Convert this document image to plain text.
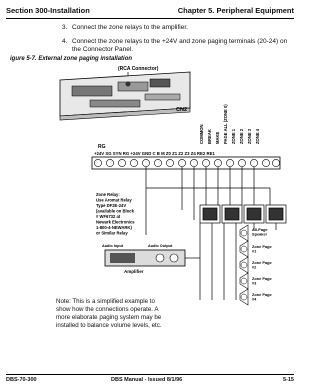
Section 300-Installation	Chapter 5. Peripheral Equipment
3. Connect the zone relays to the amplifier.
4. Connect the zone relays to the +24V and zone paging terminals (20-24) on the Connector Panel.
igure 5-7. External zone paging installation
(RCA Connector)
CN2
COMMON BREAK MAKE PAGE ALL (ZONE 0) ZONE 1 ZONE 2 ZONE 3 ZONE 4
RG
+24V SG SYN RG +24V GND C B M Z0 Z1 Z2 Z3 Z4 RE2 RE1
Zone Relay: Use Aromat Relay Type DF2E-24V (available on Block # WF6732 at Newark Electronics 1-800-4-NEWARK) or Similar Relay
Audio Input	Audio Output
Amplifier
All-Page Speaker
Zone Page #1
Zone Page #2
Zone Page #3
Zone Page #4
Note: This is a simplified example to show how the connections operate. A more elaborate paging system may be installed to balance volume levels, etc.
DBS-70-300	DBS Manual - Issued 8/1/96	5-15
